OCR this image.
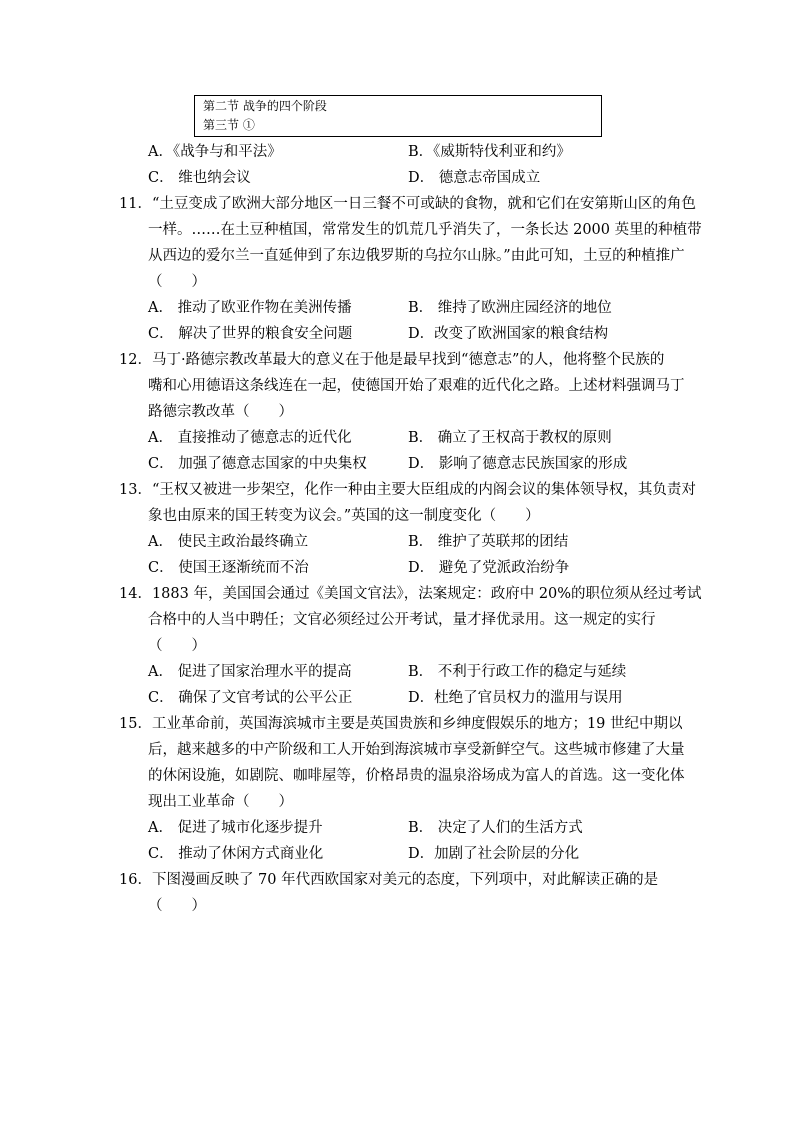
第二节 战争的四个阶段
第三节 ①
A．《战争与和平法》	B．《威斯特伐利亚和约》
C． 维也纳会议	D． 德意志帝国成立
11．“土豆变成了欧洲大部分地区一日三餐不可或缺的食物，就和它们在安第斯山区的角色
一样。……在土豆种植国，常常发生的饥荒几乎消失了，一条长达 2000 英里的种植带
从西边的爱尔兰一直延伸到了东边俄罗斯的乌拉尔山脉。”由此可知，土豆的种植推广
（　　）
A． 推动了欧亚作物在美洲传播	B． 维持了欧洲庄园经济的地位
C． 解决了世界的粮食安全问题	D．改变了欧洲国家的粮食结构
12．马丁·路德宗教改革最大的意义在于他是最早找到“德意志”的人，他将整个民族的
嘴和心用德语这条线连在一起，使德国开始了艰难的近代化之路。上述材料强调马丁
路德宗教改革（　　）
A． 直接推动了德意志的近代化	B． 确立了王权高于教权的原则
C． 加强了德意志国家的中央集权	D． 影响了德意志民族国家的形成
13．“王权又被进一步架空，化作一种由主要大臣组成的内阁会议的集体领导权，其负责对
象也由原来的国王转变为议会。”英国的这一制度变化（　　）
A． 使民主政治最终确立	B． 维护了英联邦的团结
C． 使国王逐渐统而不治	D． 避免了党派政治纷争
14．1883 年，美国国会通过《美国文官法》，法案规定：政府中 20%的职位须从经过考试
合格中的人当中聘任；文官必须经过公开考试，量才择优录用。这一规定的实行
（　　）
A． 促进了国家治理水平的提高	B． 不利于行政工作的稳定与延续
C． 确保了文官考试的公平公正	D．杜绝了官员权力的滥用与误用
15．工业革命前，英国海滨城市主要是英国贵族和乡绅度假娱乐的地方；19 世纪中期以
后，越来越多的中产阶级和工人开始到海滨城市享受新鲜空气。这些城市修建了大量
的休闲设施，如剧院、咖啡屋等，价格昂贵的温泉浴场成为富人的首选。这一变化体
现出工业革命（　　）
A． 促进了城市化逐步提升	B． 决定了人们的生活方式
C． 推动了休闲方式商业化	D．加剧了社会阶层的分化
16．下图漫画反映了 70 年代西欧国家对美元的态度，下列项中，对此解读正确的是
（　　）
